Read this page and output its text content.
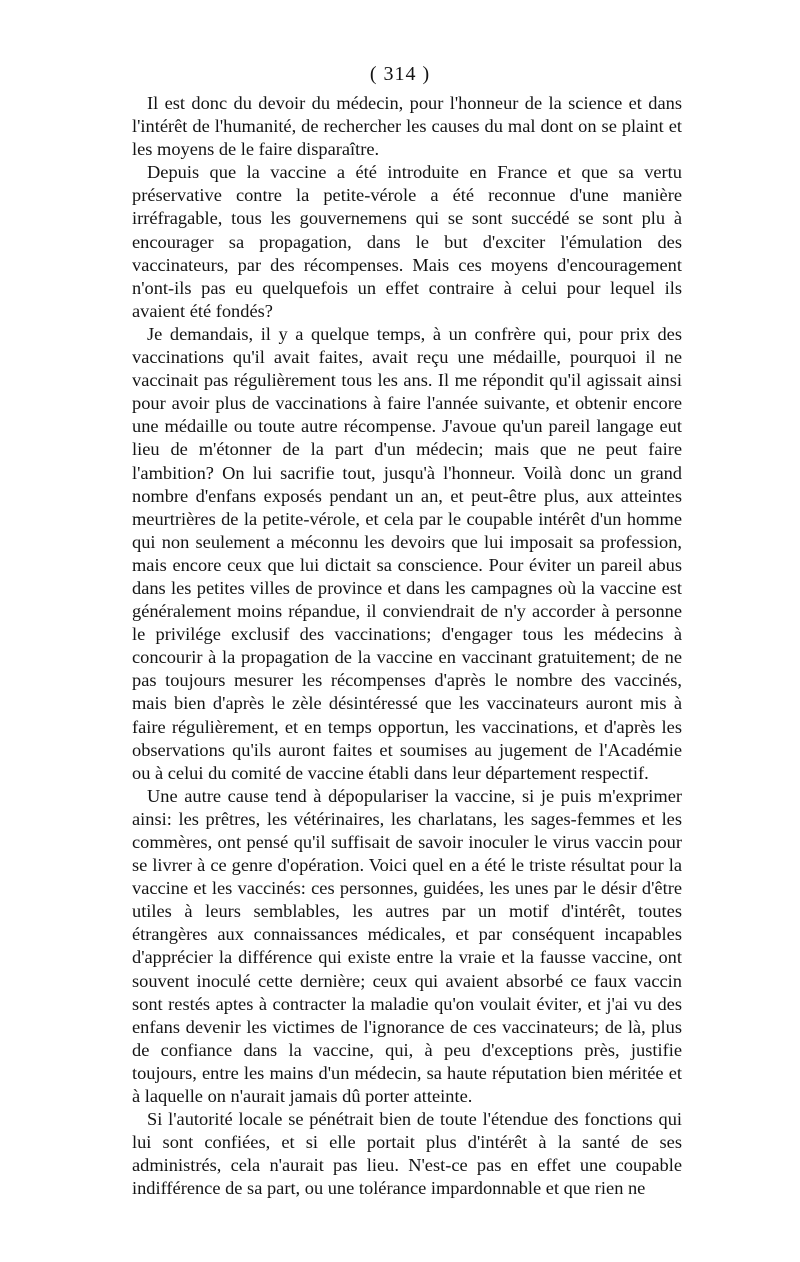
( 314 )

Il est donc du devoir du médecin, pour l'honneur de la science et dans l'intérêt de l'humanité, de rechercher les causes du mal dont on se plaint et les moyens de le faire disparaître.

Depuis que la vaccine a été introduite en France et que sa vertu préservative contre la petite-vérole a été reconnue d'une manière irréfragable, tous les gouvernemens qui se sont succédé se sont plu à encourager sa propagation, dans le but d'exciter l'émulation des vaccinateurs, par des récompenses. Mais ces moyens d'encouragement n'ont-ils pas eu quelquefois un effet contraire à celui pour lequel ils avaient été fondés?

Je demandais, il y a quelque temps, à un confrère qui, pour prix des vaccinations qu'il avait faites, avait reçu une médaille, pourquoi il ne vaccinait pas régulièrement tous les ans. Il me répondit qu'il agissait ainsi pour avoir plus de vaccinations à faire l'année suivante, et obtenir encore une médaille ou toute autre récompense. J'avoue qu'un pareil langage eut lieu de m'étonner de la part d'un médecin; mais que ne peut faire l'ambition? On lui sacrifie tout, jusqu'à l'honneur. Voilà donc un grand nombre d'enfans exposés pendant un an, et peut-être plus, aux atteintes meurtrières de la petite-vérole, et cela par le coupable intérêt d'un homme qui non seulement a méconnu les devoirs que lui imposait sa profession, mais encore ceux que lui dictait sa conscience. Pour éviter un pareil abus dans les petites villes de province et dans les campagnes où la vaccine est généralement moins répandue, il conviendrait de n'y accorder à personne le privilége exclusif des vaccinations; d'engager tous les médecins à concourir à la propagation de la vaccine en vaccinant gratuitement; de ne pas toujours mesurer les récompenses d'après le nombre des vaccinés, mais bien d'après le zèle désintéressé que les vaccinateurs auront mis à faire régulièrement, et en temps opportun, les vaccinations, et d'après les observations qu'ils auront faites et soumises au jugement de l'Académie ou à celui du comité de vaccine établi dans leur département respectif.

Une autre cause tend à dépopulariser la vaccine, si je puis m'exprimer ainsi: les prêtres, les vétérinaires, les charlatans, les sages-femmes et les commères, ont pensé qu'il suffisait de savoir inoculer le virus vaccin pour se livrer à ce genre d'opération. Voici quel en a été le triste résultat pour la vaccine et les vaccinés: ces personnes, guidées, les unes par le désir d'être utiles à leurs semblables, les autres par un motif d'intérêt, toutes étrangères aux connaissances médicales, et par conséquent incapables d'apprécier la différence qui existe entre la vraie et la fausse vaccine, ont souvent inoculé cette dernière; ceux qui avaient absorbé ce faux vaccin sont restés aptes à contracter la maladie qu'on voulait éviter, et j'ai vu des enfans devenir les victimes de l'ignorance de ces vaccinateurs; de là, plus de confiance dans la vaccine, qui, à peu d'exceptions près, justifie toujours, entre les mains d'un médecin, sa haute réputation bien méritée et à laquelle on n'aurait jamais dû porter atteinte.

Si l'autorité locale se pénétrait bien de toute l'étendue des fonctions qui lui sont confiées, et si elle portait plus d'intérêt à la santé de ses administrés, cela n'aurait pas lieu. N'est-ce pas en effet une coupable indifférence de sa part, ou une tolérance impardonnable et que rien ne
